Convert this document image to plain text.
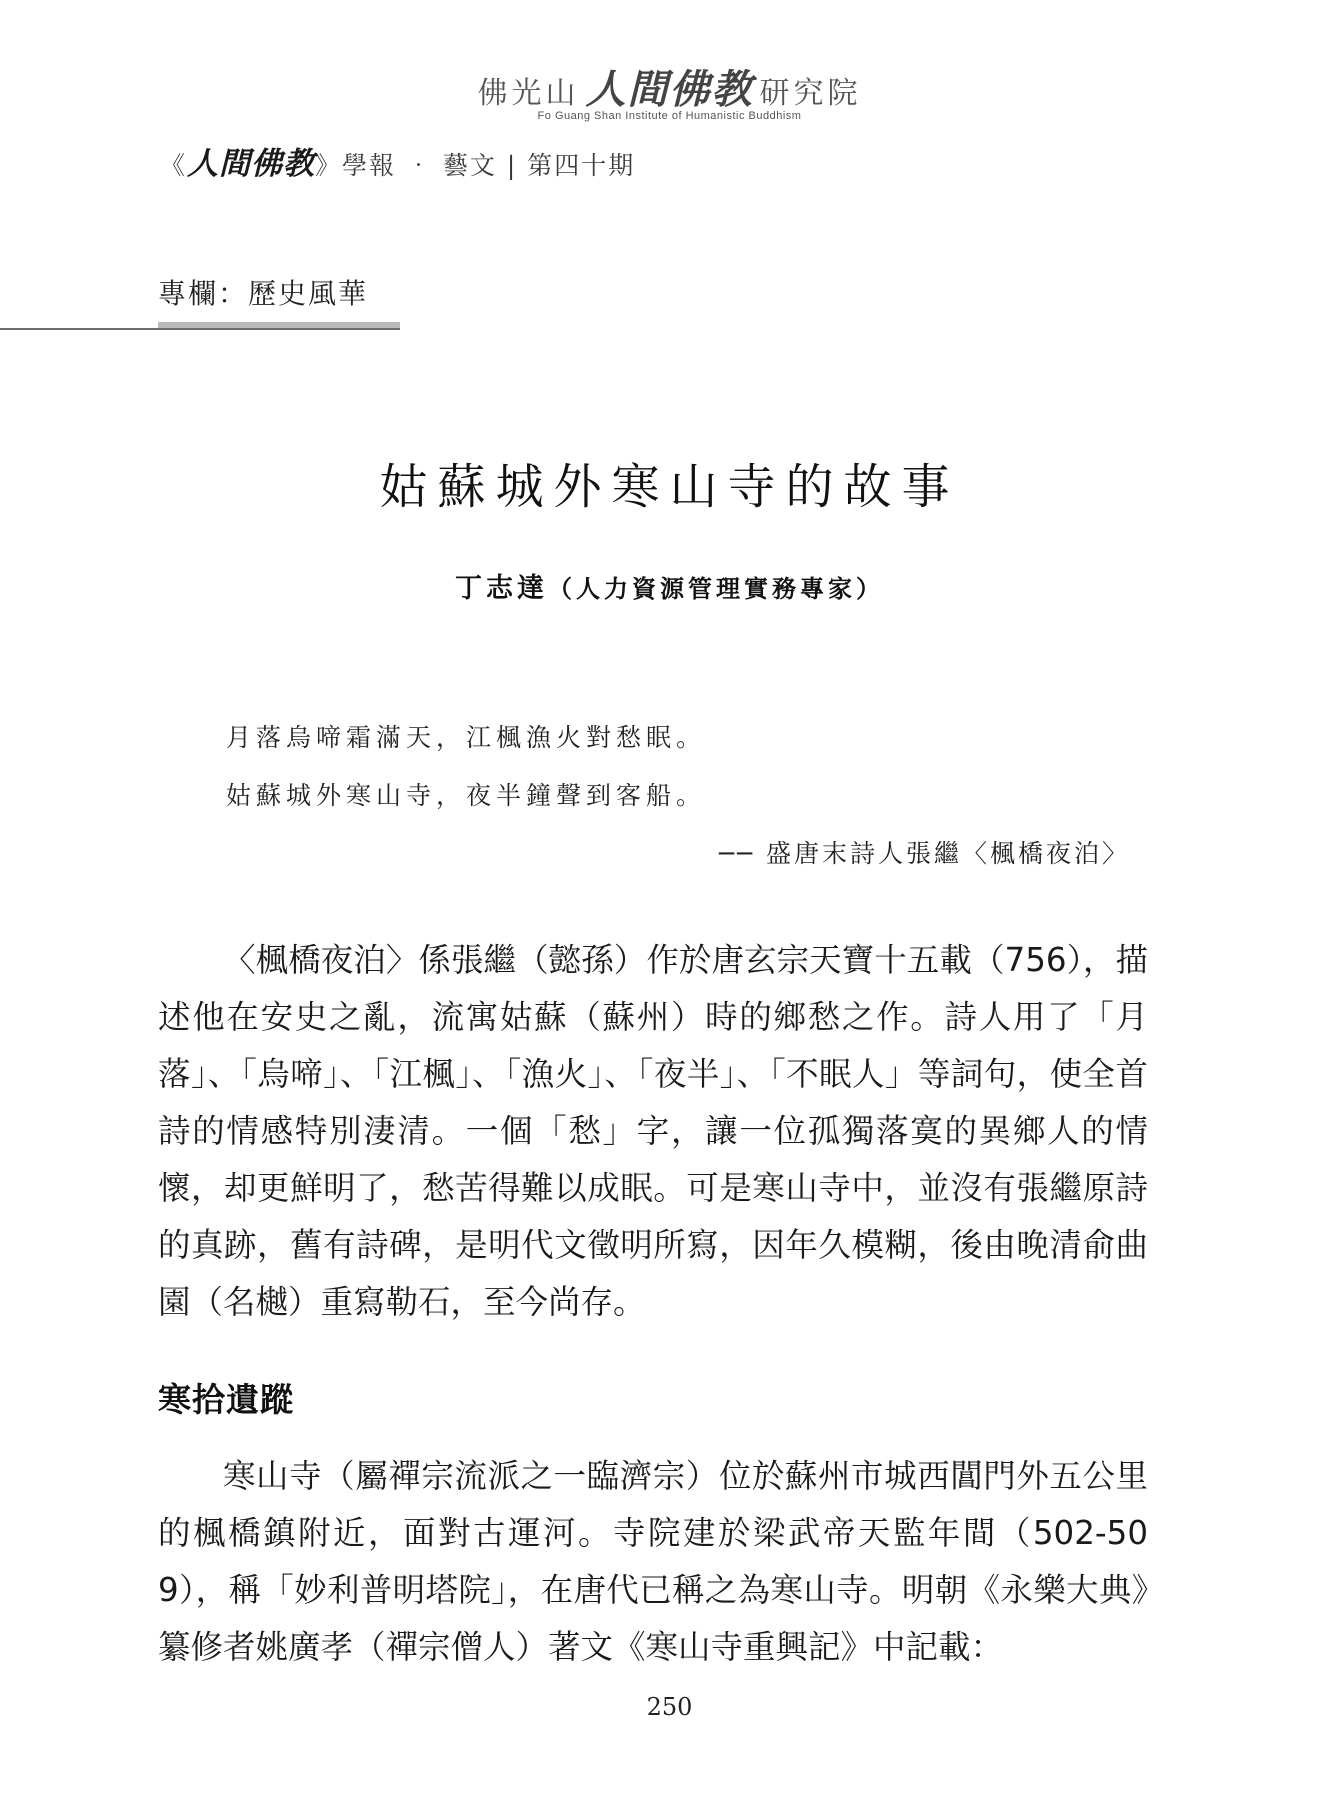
佛光山 人間佛教 研究院
Fo Guang Shan Institute of Humanistic Buddhism
《人間佛教》學報 ‧ 藝文 | 第四十期
專欄：歷史風華
姑蘇城外寒山寺的故事
丁志達（人力資源管理實務專家）
月落烏啼霜滿天，江楓漁火對愁眠。
姑蘇城外寒山寺，夜半鐘聲到客船。
── 盛唐末詩人張繼〈楓橋夜泊〉

〈楓橋夜泊〉係張繼（懿孫）作於唐玄宗天寶十五載（756），描述他在安史之亂，流寓姑蘇（蘇州）時的鄉愁之作。詩人用了「月落」、「烏啼」、「江楓」、「漁火」、「夜半」、「不眠人」等詞句，使全首詩的情感特別淒清。一個「愁」字，讓一位孤獨落寞的異鄉人的情懷，却更鮮明了，愁苦得難以成眠。可是寒山寺中，並沒有張繼原詩的真跡，舊有詩碑，是明代文徵明所寫，因年久模糊，後由晚清俞曲園（名樾）重寫勒石，至今尚存。

寒拾遺蹤

寒山寺（屬禪宗流派之一臨濟宗）位於蘇州市城西閶門外五公里的楓橋鎮附近，面對古運河。寺院建於梁武帝天監年間（502-509），稱「妙利普明塔院」，在唐代已稱之為寒山寺。明朝《永樂大典》纂修者姚廣孝（禪宗僧人）著文《寒山寺重興記》中記載：

250
